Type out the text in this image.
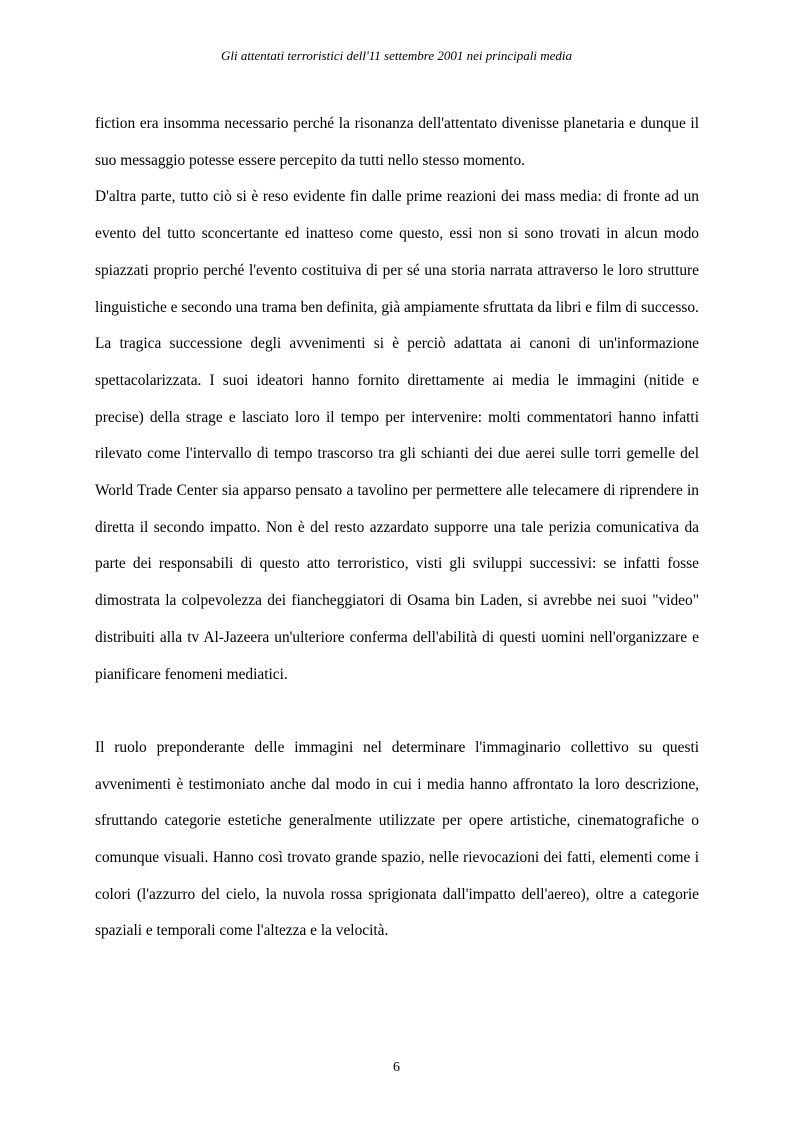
Gli attentati terroristici dell'11 settembre 2001 nei principali media

fiction era insomma necessario perché la risonanza dell'attentato divenisse planetaria e dunque il suo messaggio potesse essere percepito da tutti nello stesso momento.

D'altra parte, tutto ciò si è reso evidente fin dalle prime reazioni dei mass media: di fronte ad un evento del tutto sconcertante ed inatteso come questo, essi non si sono trovati in alcun modo spiazzati proprio perché l'evento costituiva di per sé una storia narrata attraverso le loro strutture linguistiche e secondo una trama ben definita, già ampiamente sfruttata da libri e film di successo.

La tragica successione degli avvenimenti si è perciò adattata ai canoni di un'informazione spettacolarizzata. I suoi ideatori hanno fornito direttamente ai media le immagini (nitide e precise) della strage e lasciato loro il tempo per intervenire: molti commentatori hanno infatti rilevato come l'intervallo di tempo trascorso tra gli schianti dei due aerei sulle torri gemelle del World Trade Center sia apparso pensato a tavolino per permettere alle telecamere di riprendere in diretta il secondo impatto. Non è del resto azzardato supporre una tale perizia comunicativa da parte dei responsabili di questo atto terroristico, visti gli sviluppi successivi: se infatti fosse dimostrata la colpevolezza dei fiancheggiatori di Osama bin Laden, si avrebbe nei suoi "video" distribuiti alla tv Al-Jazeera un'ulteriore conferma dell'abilità di questi uomini nell'organizzare e pianificare fenomeni mediatici.

Il ruolo preponderante delle immagini nel determinare l'immaginario collettivo su questi avvenimenti è testimoniato anche dal modo in cui i media hanno affrontato la loro descrizione, sfruttando categorie estetiche generalmente utilizzate per opere artistiche, cinematografiche o comunque visuali. Hanno così trovato grande spazio, nelle rievocazioni dei fatti, elementi come i colori (l'azzurro del cielo, la nuvola rossa sprigionata dall'impatto dell'aereo), oltre a categorie spaziali e temporali come l'altezza e la velocità.

6
